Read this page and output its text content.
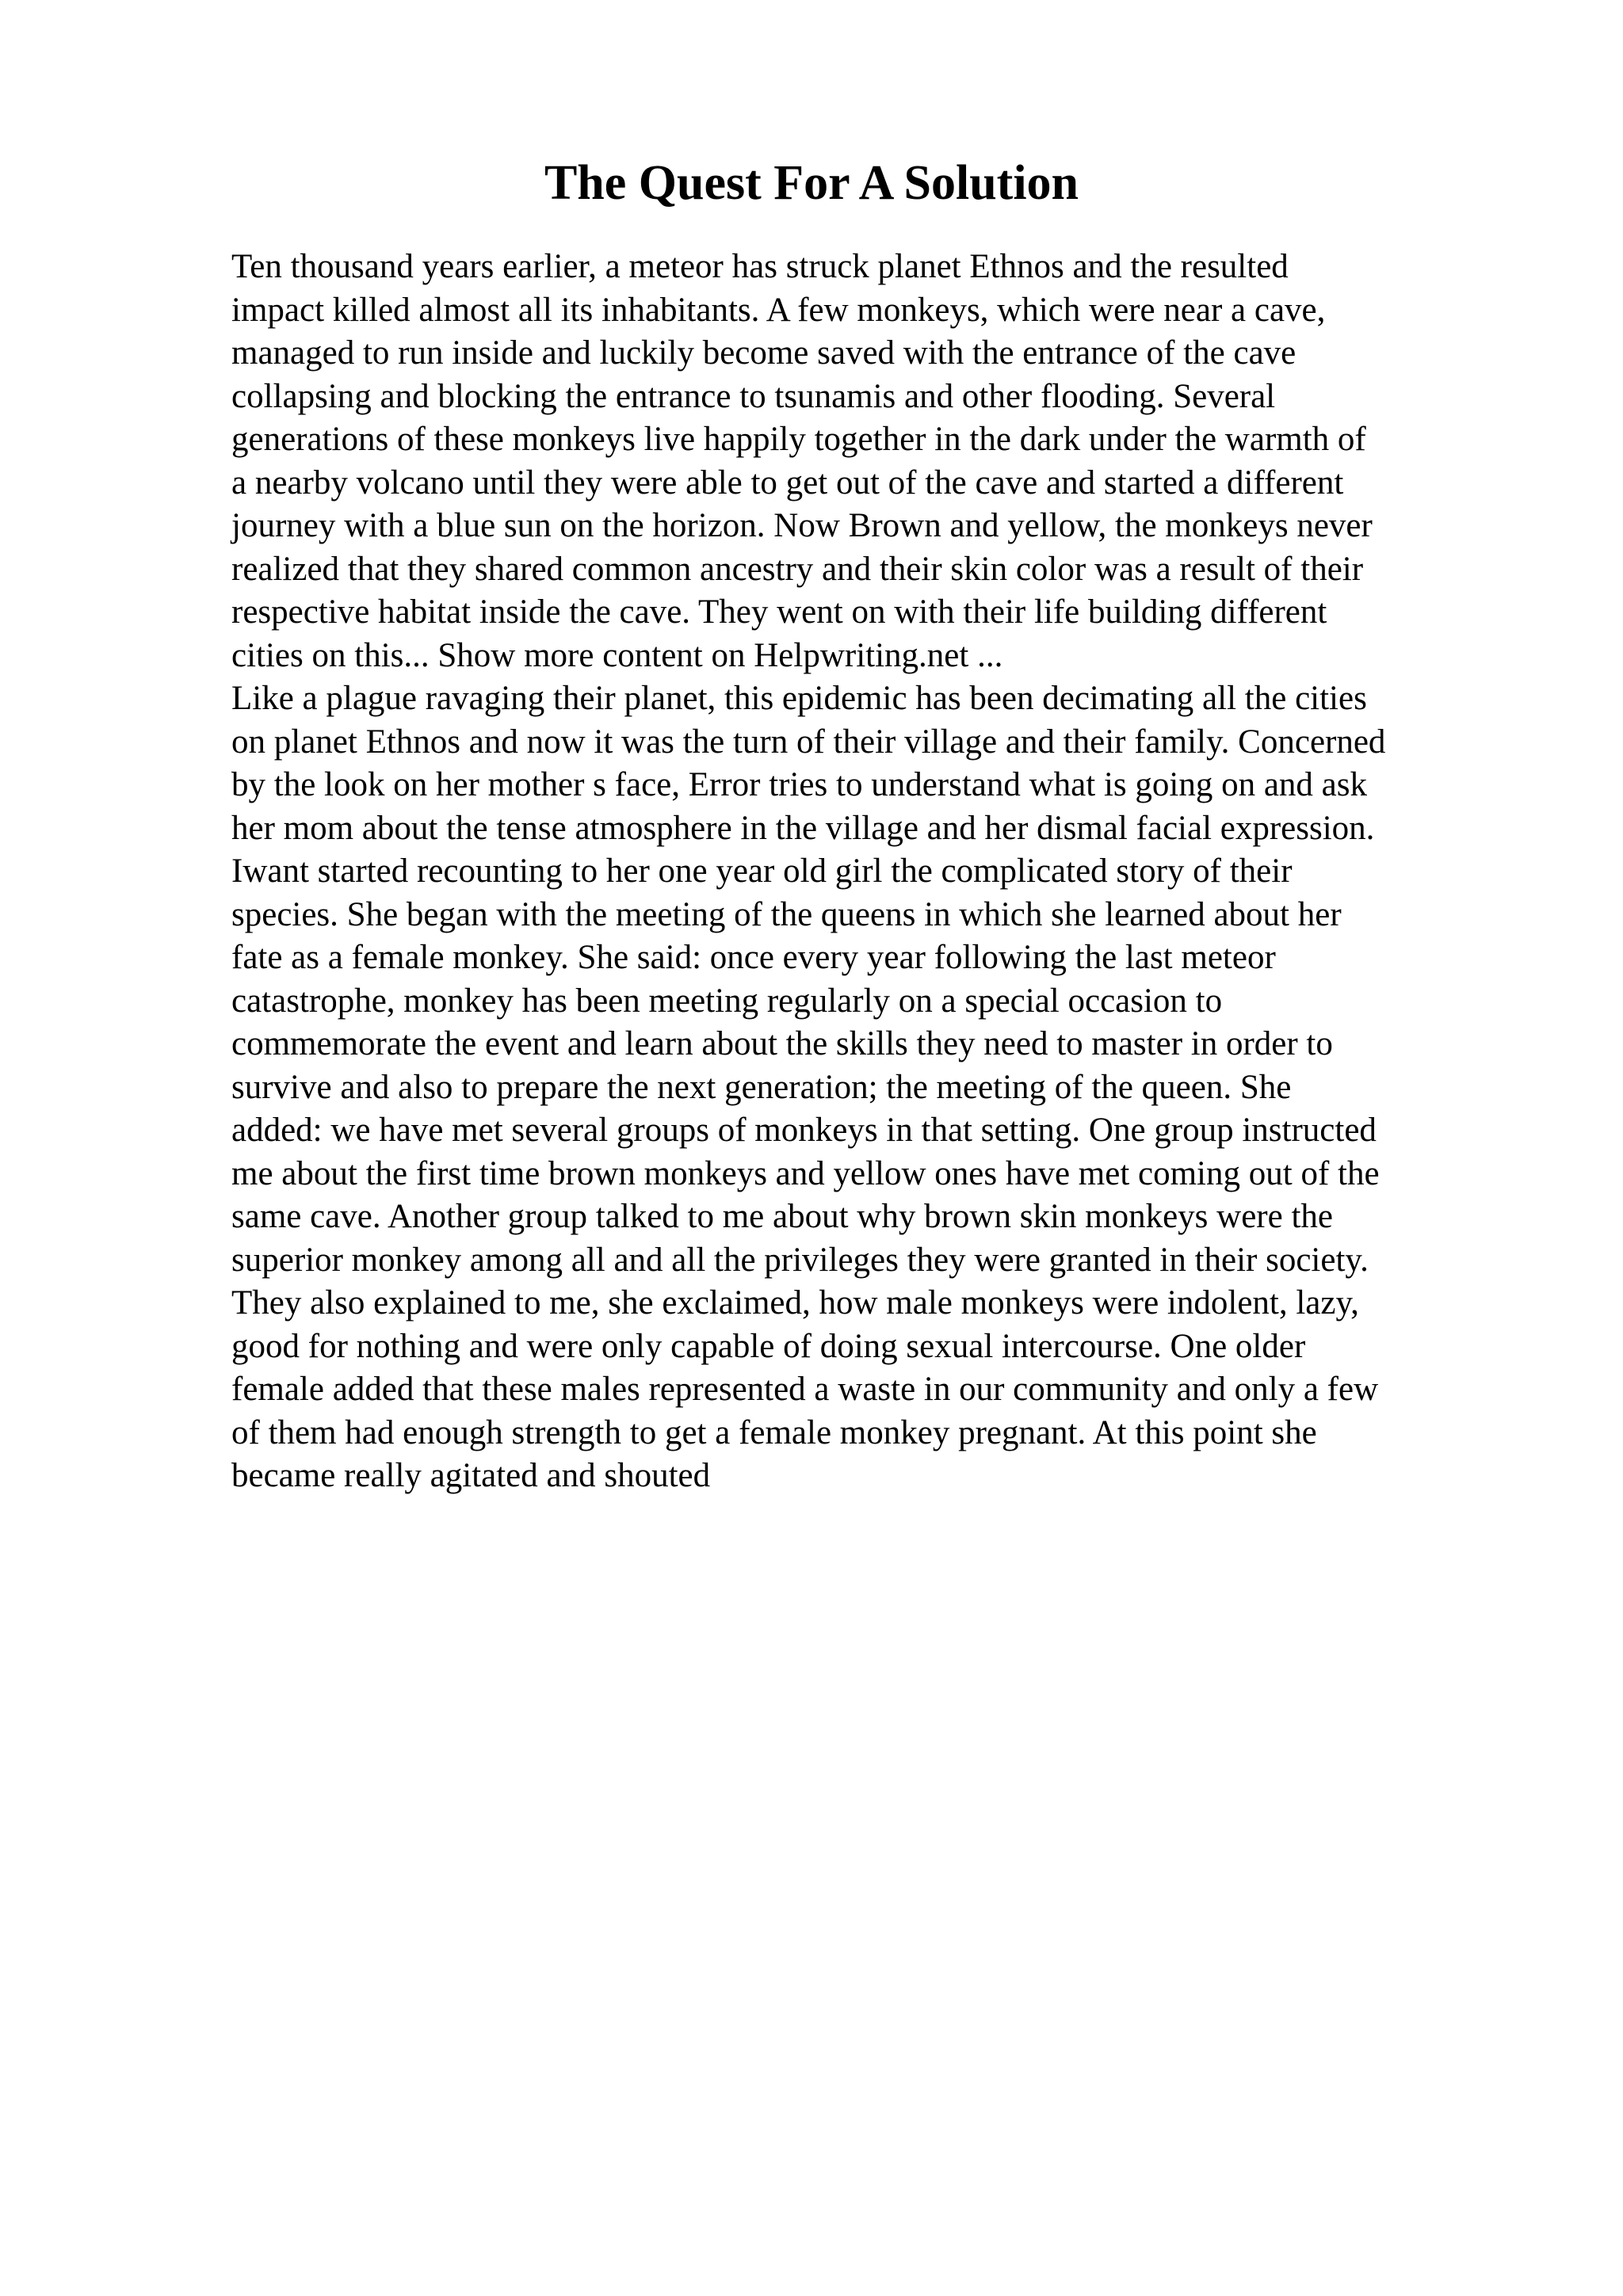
The Quest For A Solution
Ten thousand years earlier, a meteor has struck planet Ethnos and the resulted
impact killed almost all its inhabitants. A few monkeys, which were near a cave,
managed to run inside and luckily become saved with the entrance of the cave
collapsing and blocking the entrance to tsunamis and other flooding. Several
generations of these monkeys live happily together in the dark under the warmth of
a nearby volcano until they were able to get out of the cave and started a different
journey with a blue sun on the horizon. Now Brown and yellow, the monkeys never
realized that they shared common ancestry and their skin color was a result of their
respective habitat inside the cave. They went on with their life building different
cities on this... Show more content on Helpwriting.net ...
Like a plague ravaging their planet, this epidemic has been decimating all the cities
on planet Ethnos and now it was the turn of their village and their family. Concerned
by the look on her mother s face, Error tries to understand what is going on and ask
her mom about the tense atmosphere in the village and her dismal facial expression.
Iwant started recounting to her one year old girl the complicated story of their
species. She began with the meeting of the queens in which she learned about her
fate as a female monkey. She said: once every year following the last meteor
catastrophe, monkey has been meeting regularly on a special occasion to
commemorate the event and learn about the skills they need to master in order to
survive and also to prepare the next generation; the meeting of the queen. She
added: we have met several groups of monkeys in that setting. One group instructed
me about the first time brown monkeys and yellow ones have met coming out of the
same cave. Another group talked to me about why brown skin monkeys were the
superior monkey among all and all the privileges they were granted in their society.
They also explained to me, she exclaimed, how male monkeys were indolent, lazy,
good for nothing and were only capable of doing sexual intercourse. One older
female added that these males represented a waste in our community and only a few
of them had enough strength to get a female monkey pregnant. At this point she
became really agitated and shouted
